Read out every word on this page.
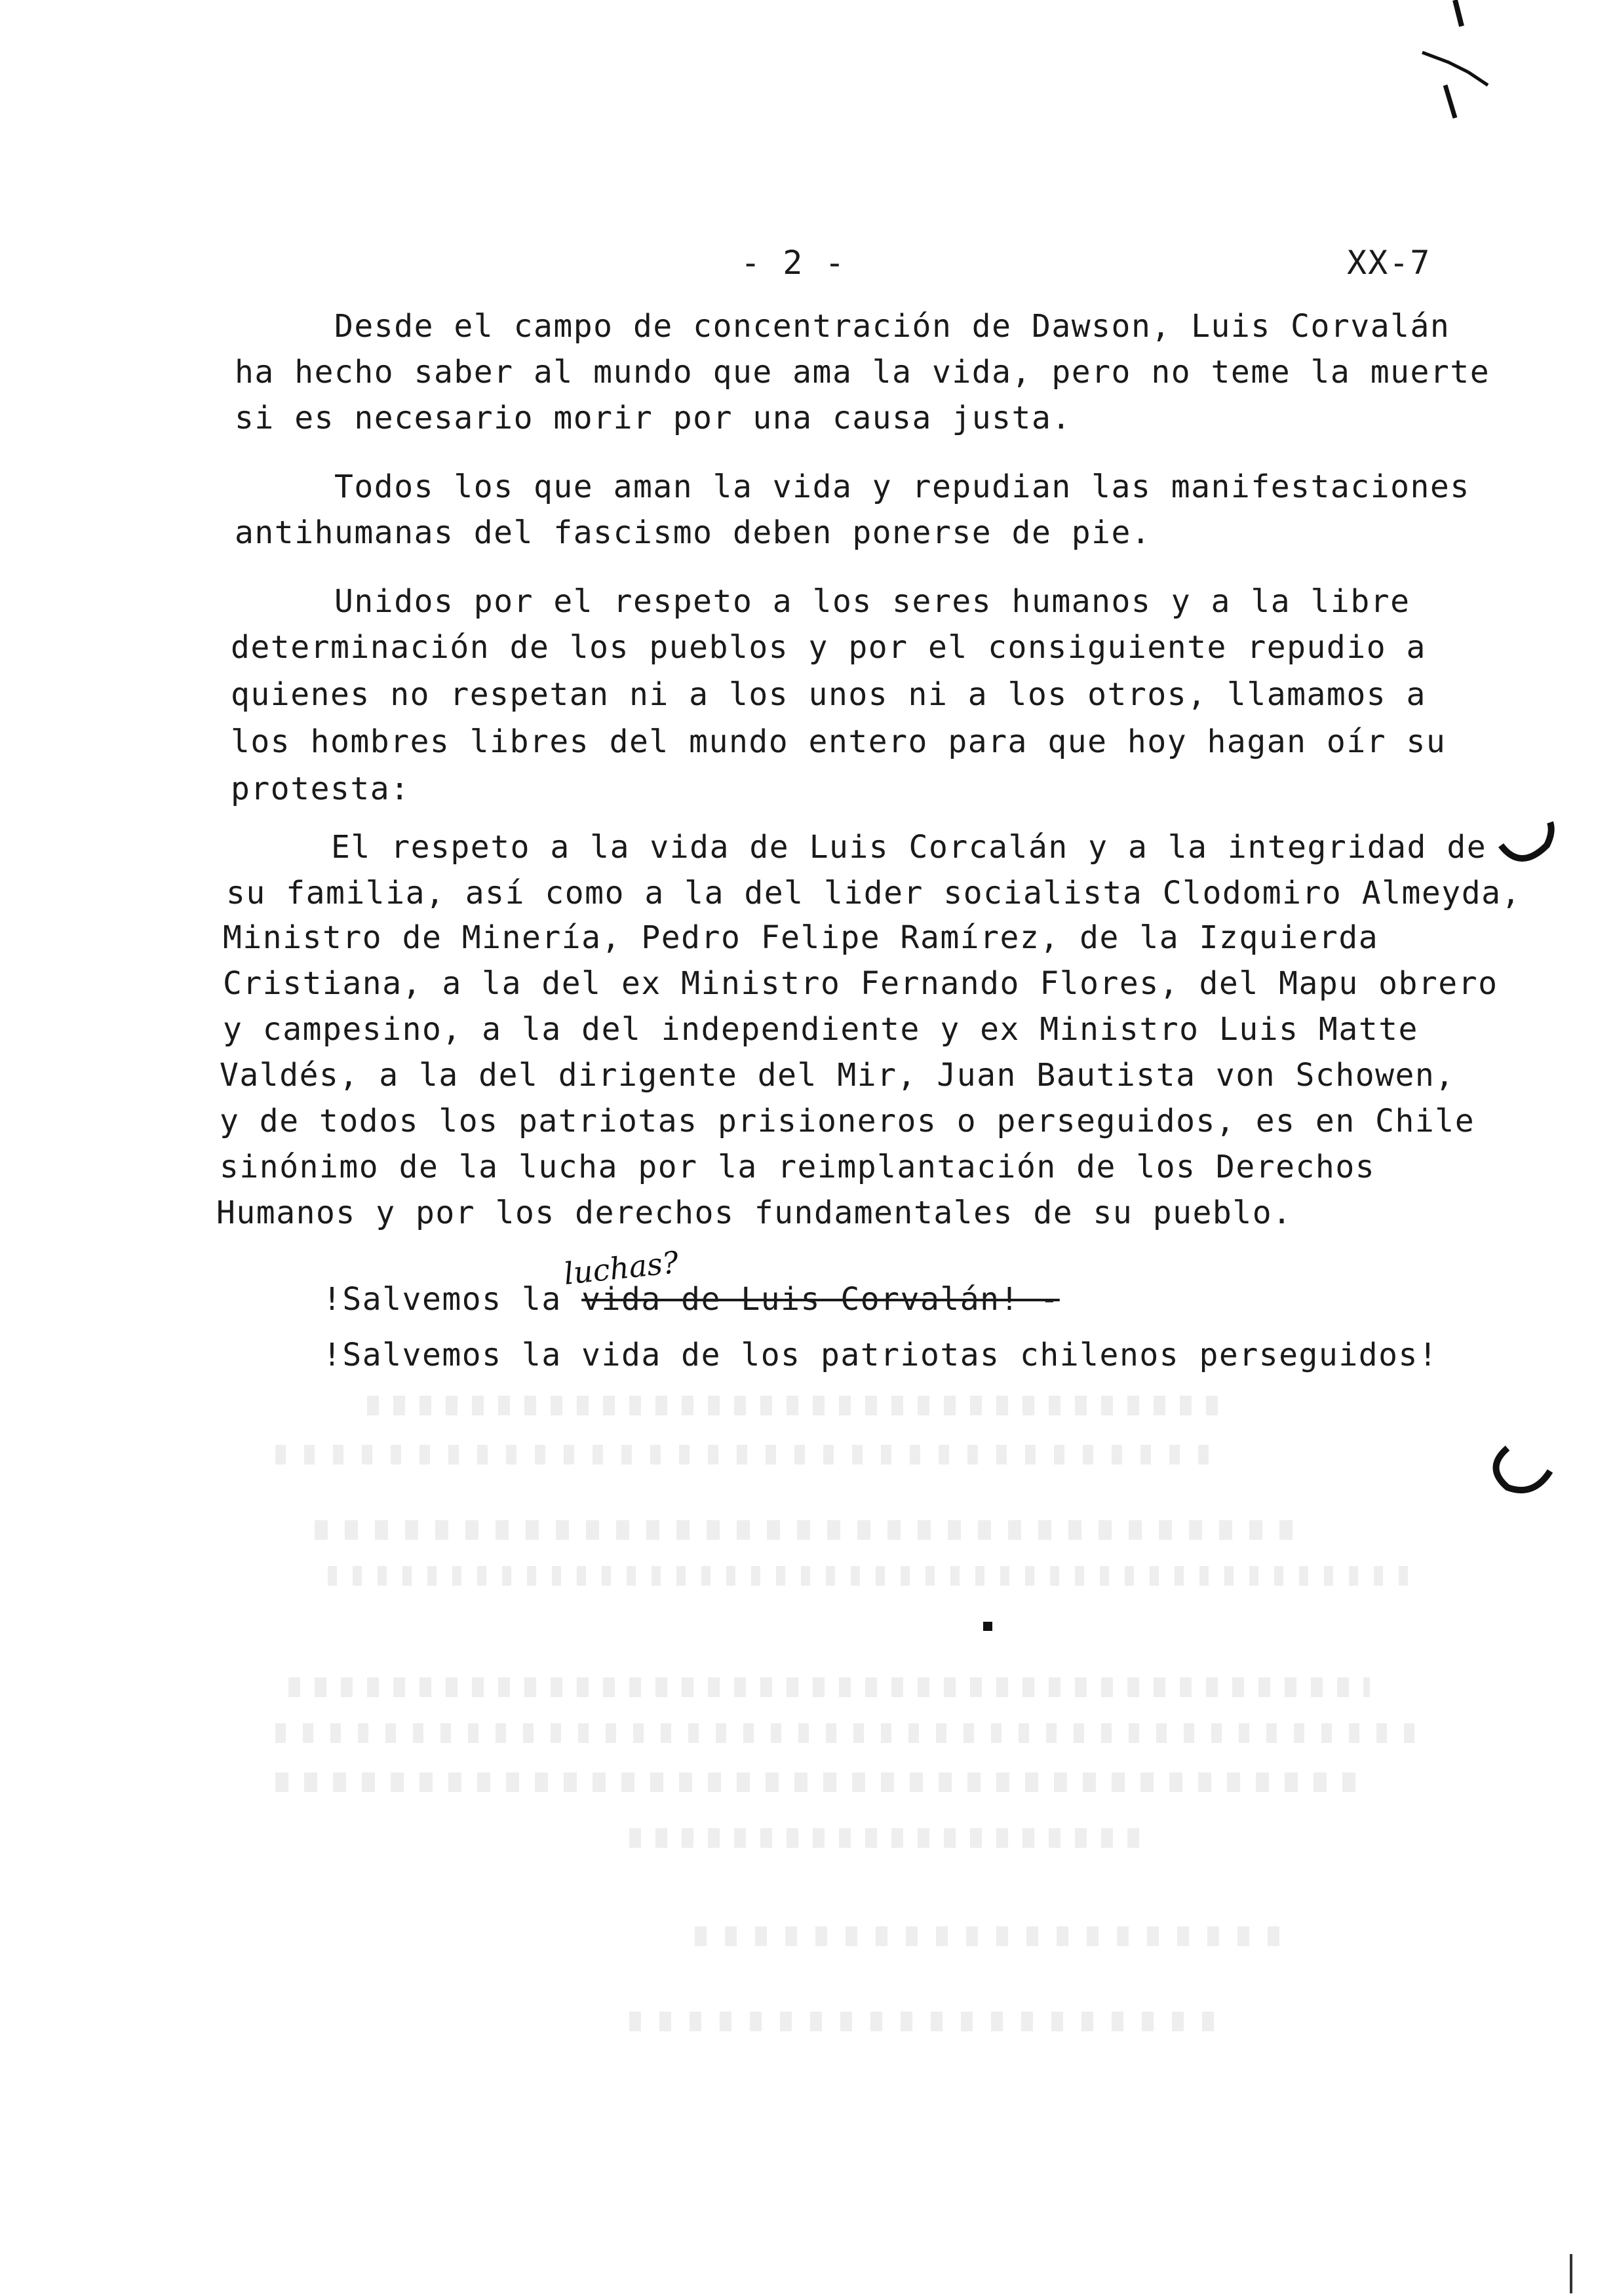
- 2 -	XX-7
Desde el campo de concentración de Dawson, Luis Corvalán
ha hecho saber al mundo que ama la vida, pero no teme la muerte
si es necesario morir por una causa justa.
Todos los que aman la vida y repudian las manifestaciones
antihumanas del fascismo deben ponerse de pie.
Unidos por el respeto a los seres humanos y a la libre
determinación de los pueblos y por el consiguiente repudio a
quienes no respetan ni a los unos ni a los otros, llamamos a
los hombres libres del mundo entero para que hoy hagan oír su
protesta:
El respeto a la vida de Luis Corcalán y a la integridad de
su familia, así como a la del lider socialista Clodomiro Almeyda,
Ministro de Minería, Pedro Felipe Ramírez, de la Izquierda
Cristiana, a la del ex Ministro Fernando Flores, del Mapu obrero
y campesino, a la del independiente y ex Ministro Luis Matte
Valdés, a la del dirigente del Mir, Juan Bautista von Schowen,
y de todos los patriotas prisioneros o perseguidos, es en Chile
sinónimo de la lucha por la reimplantación de los Derechos
Humanos y por los derechos fundamentales de su pueblo.
luchas?
!Salvemos la vida de Luis Corvalán! -
!Salvemos la vida de los patriotas chilenos perseguidos!
